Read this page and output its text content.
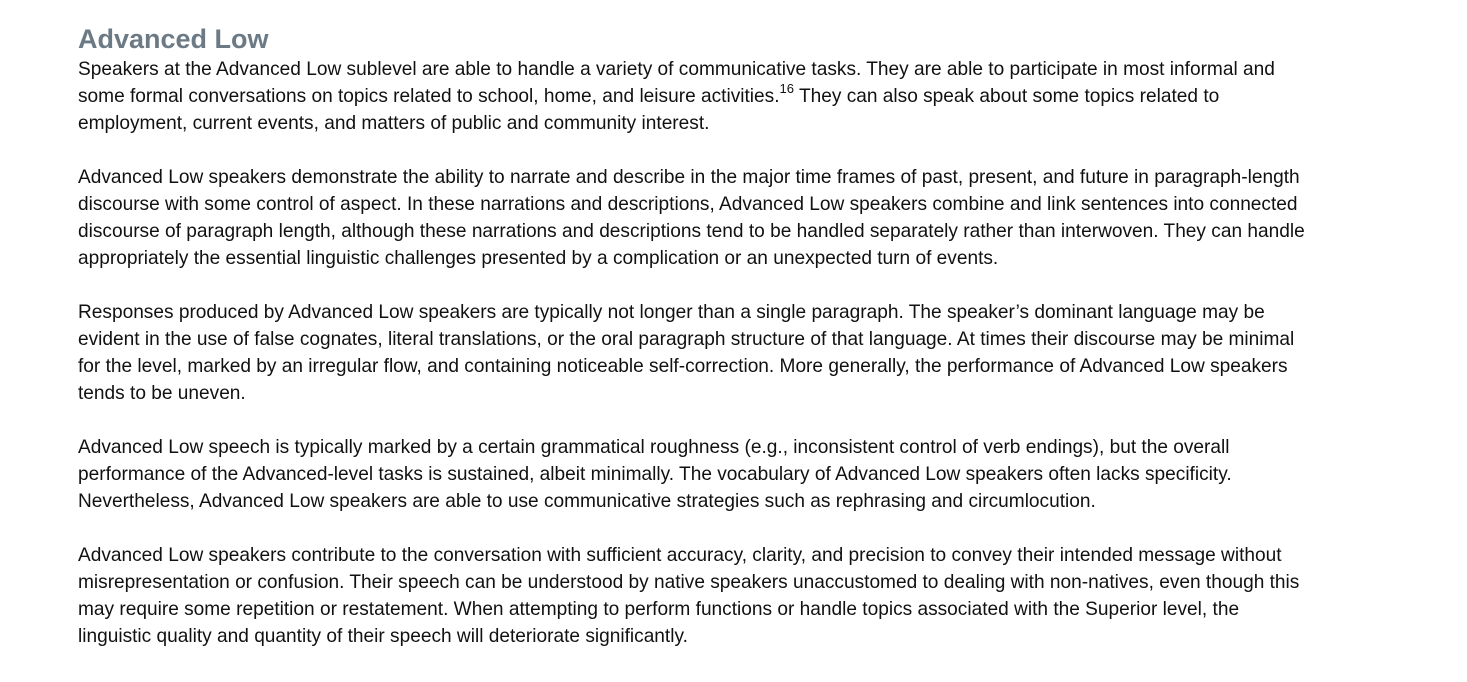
Advanced Low

Speakers at the Advanced Low sublevel are able to handle a variety of communicative tasks. They are able to participate in most informal and
some formal conversations on topics related to school, home, and leisure activities.$^{16}$ They can also speak about some topics related to
employment, current events, and matters of public and community interest.

Advanced Low speakers demonstrate the ability to narrate and describe in the major time frames of past, present, and future in paragraph-length
discourse with some control of aspect. In these narrations and descriptions, Advanced Low speakers combine and link sentences into connected
discourse of paragraph length, although these narrations and descriptions tend to be handled separately rather than interwoven. They can handle
appropriately the essential linguistic challenges presented by a complication or an unexpected turn of events.

Responses produced by Advanced Low speakers are typically not longer than a single paragraph. The speaker’s dominant language may be
evident in the use of false cognates, literal translations, or the oral paragraph structure of that language. At times their discourse may be minimal
for the level, marked by an irregular flow, and containing noticeable self-correction. More generally, the performance of Advanced Low speakers
tends to be uneven.

Advanced Low speech is typically marked by a certain grammatical roughness (e.g., inconsistent control of verb endings), but the overall
performance of the Advanced-level tasks is sustained, albeit minimally. The vocabulary of Advanced Low speakers often lacks specificity.
Nevertheless, Advanced Low speakers are able to use communicative strategies such as rephrasing and circumlocution.

Advanced Low speakers contribute to the conversation with sufficient accuracy, clarity, and precision to convey their intended message without
misrepresentation or confusion. Their speech can be understood by native speakers unaccustomed to dealing with non-natives, even though this
may require some repetition or restatement. When attempting to perform functions or handle topics associated with the Superior level, the
linguistic quality and quantity of their speech will deteriorate significantly.
